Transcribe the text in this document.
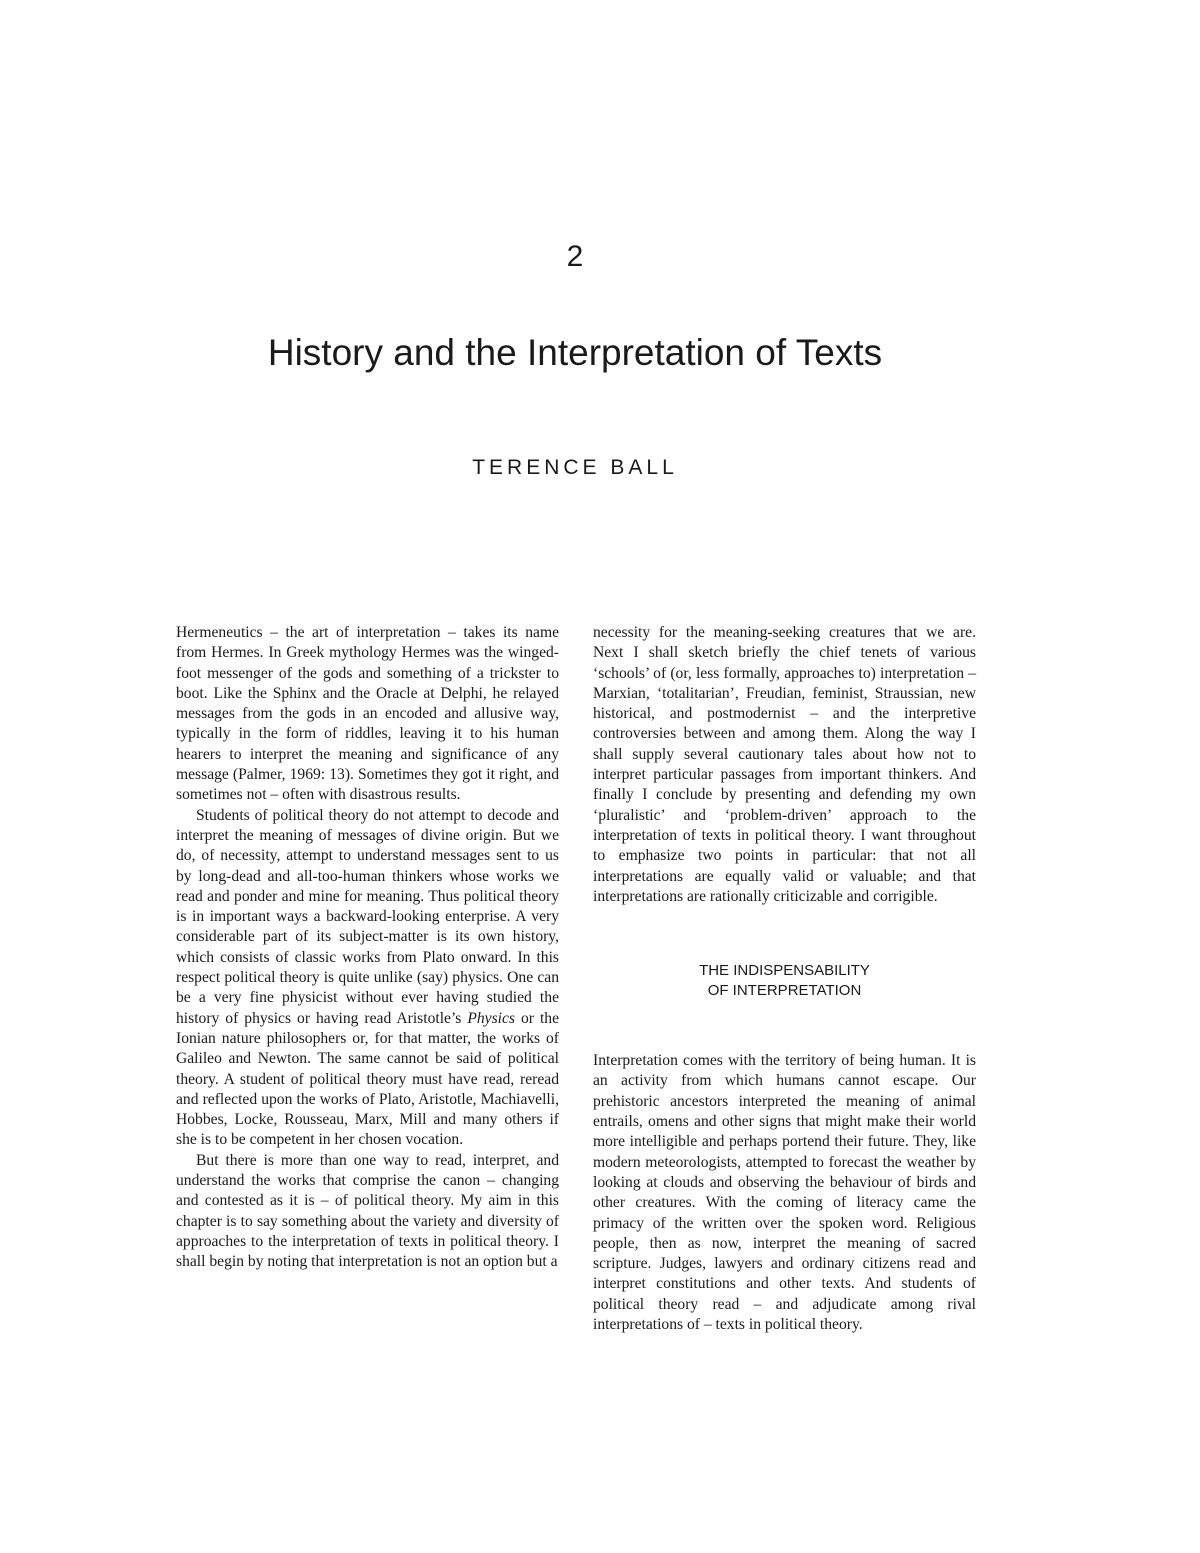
2
History and the Interpretation of Texts
TERENCE BALL

Hermeneutics – the art of interpretation – takes its name from Hermes. In Greek mythology Hermes was the winged-foot messenger of the gods and something of a trickster to boot. Like the Sphinx and the Oracle at Delphi, he relayed messages from the gods in an encoded and allusive way, typically in the form of riddles, leaving it to his human hearers to interpret the meaning and significance of any message (Palmer, 1969: 13). Sometimes they got it right, and sometimes not – often with disastrous results.

Students of political theory do not attempt to decode and interpret the meaning of messages of divine origin. But we do, of necessity, attempt to understand messages sent to us by long-dead and all-too-human thinkers whose works we read and ponder and mine for meaning. Thus political theory is in important ways a backward-looking enterprise. A very considerable part of its subject-matter is its own history, which consists of classic works from Plato onward. In this respect political theory is quite unlike (say) physics. One can be a very fine physicist without ever having studied the history of physics or having read Aristotle’s Physics or the Ionian nature philosophers or, for that matter, the works of Galileo and Newton. The same cannot be said of political theory. A student of political theory must have read, reread and reflected upon the works of Plato, Aristotle, Machiavelli, Hobbes, Locke, Rousseau, Marx, Mill and many others if she is to be competent in her chosen vocation.

But there is more than one way to read, interpret, and understand the works that comprise the canon – changing and contested as it is – of political theory. My aim in this chapter is to say something about the variety and diversity of approaches to the interpretation of texts in political theory. I shall begin by noting that interpretation is not an option but a

necessity for the meaning-seeking creatures that we are. Next I shall sketch briefly the chief tenets of various ‘schools’ of (or, less formally, approaches to) interpretation – Marxian, ‘totalitarian’, Freudian, feminist, Straussian, new historical, and postmodernist – and the interpretive controversies between and among them. Along the way I shall supply several cautionary tales about how not to interpret particular passages from important thinkers. And finally I conclude by presenting and defending my own ‘pluralistic’ and ‘problem-driven’ approach to the interpretation of texts in political theory. I want throughout to emphasize two points in particular: that not all interpretations are equally valid or valuable; and that interpretations are rationally criticizable and corrigible.

THE INDISPENSABILITY
OF INTERPRETATION

Interpretation comes with the territory of being human. It is an activity from which humans cannot escape. Our prehistoric ancestors interpreted the meaning of animal entrails, omens and other signs that might make their world more intelligible and perhaps portend their future. They, like modern meteorologists, attempted to forecast the weather by looking at clouds and observing the behaviour of birds and other creatures. With the coming of literacy came the primacy of the written over the spoken word. Religious people, then as now, interpret the meaning of sacred scripture. Judges, lawyers and ordinary citizens read and interpret constitutions and other texts. And students of political theory read – and adjudicate among rival interpretations of – texts in political theory.
